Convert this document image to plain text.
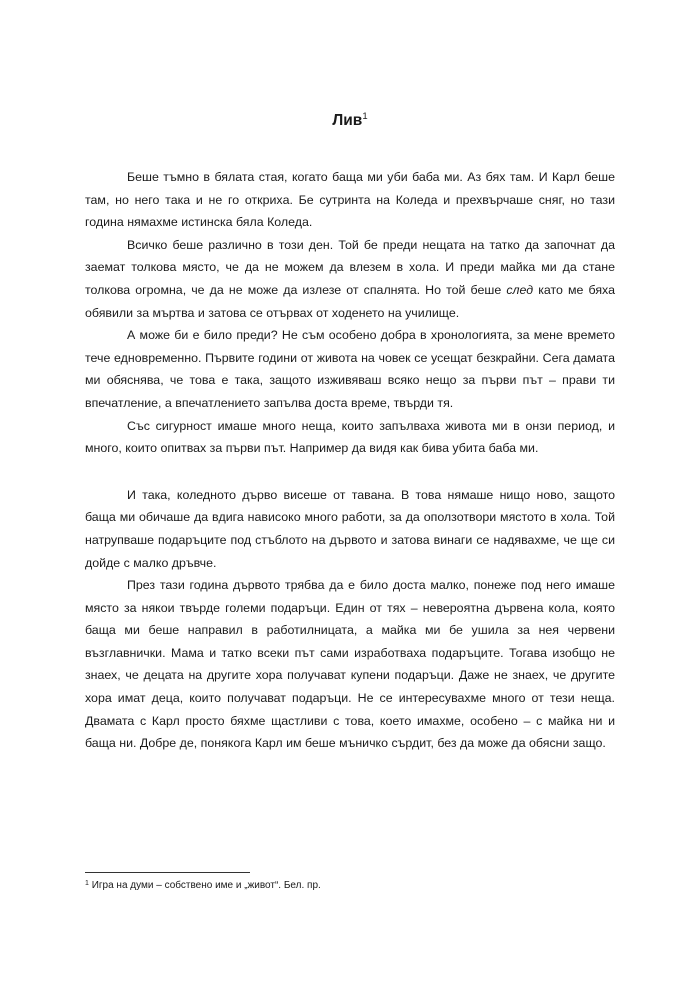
Лив$^1$

Беше тъмно в бялата стая, когато баща ми уби баба ми. Аз бях там. И Карл беше там, но него така и не го открихa. Бе сутринта на Коледа и прехвърчаше сняг, но тази година нямахме истинска бяла Коледа.

Всичко беше различно в този ден. Той бе преди нещата на татко да започнат да заемат толкова място, че да не можем да влезем в хола. И преди майка ми да стане толкова огромна, че да не може да излезе от спалнята. Но той беше след като ме бяха обявили за мъртва и затова се отървах от ходенето на училище.

А може би е било преди? Не съм особено добра в хронологията, за мене времето тече едновременно. Първите години от живота на човек се усещат безкрайни. Сега дамата ми обяснява, че това е така, защото изживяваш всяко нещо за първи път – прави ти впечатление, а впечатлението запълва доста време, твърди тя.

Със сигурност имаше много неща, които запълваха живота ми в онзи период, и много, които опитвах за първи път. Например да видя как бива убита баба ми.

И така, коледното дърво висеше от тавана. В това нямаше нищо ново, защото баща ми обичаше да вдига нависоко много работи, за да оползотвори мястото в хола. Той натрупваше подаръците под стъблото на дървото и затова винаги се надявахме, че ще си дойде с малко дръвче.

През тази година дървото трябва да е било доста малко, понеже под него имаше място за някои твърде големи подаръци. Един от тях – невероятна дървена кола, която баща ми беше направил в работилницата, а майка ми бе ушила за нея червени възглавнички. Мама и татко всеки път сами изработваха подаръците. Тогава изобщо не знаех, че децата на другите хора получават купени подаръци. Даже не знаех, че другите хора имат деца, които получават подаръци. Не се интересувахме много от тези неща. Двамата с Карл просто бяхме щастливи с това, което имахме, особено – с майка ни и баща ни. Добре де, понякога Карл им беше мъничко сърдит, без да може да обясни защо.

$^1$ Игра на думи – собствено име и „живот“. Бел. пр.
